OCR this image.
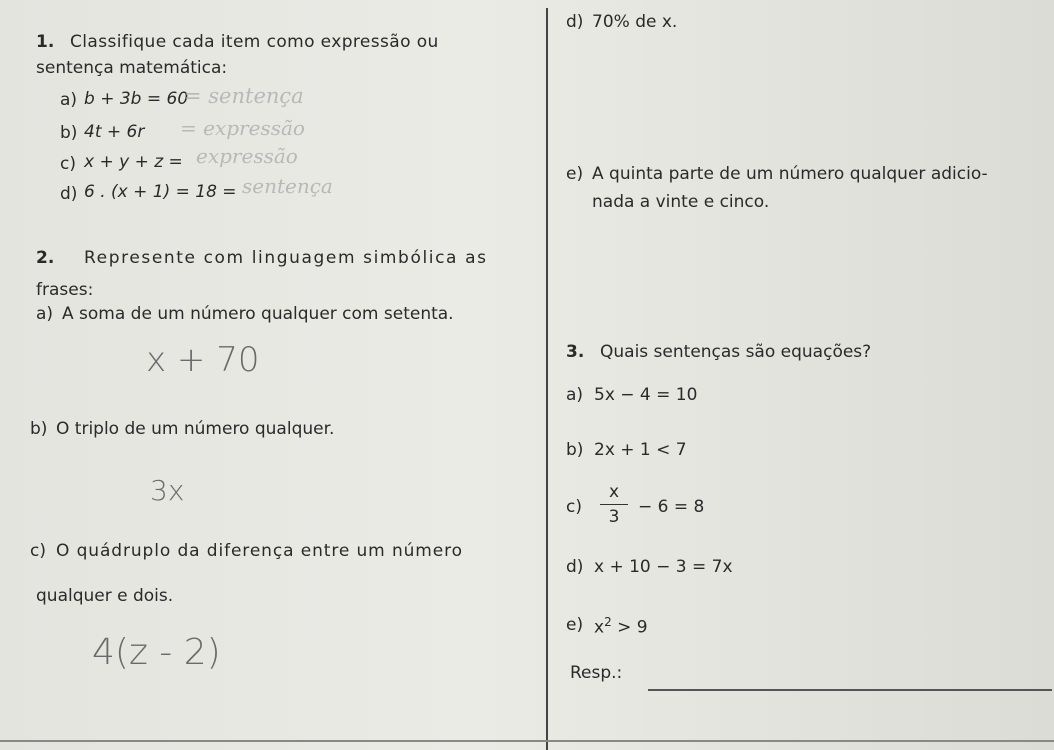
1. Classifique cada item como expressão ou
sentença matemática:
a) b + 3b = 60
= sentença
b) 4t + 6r = expressão
c) x + y + z = expressão
d) 6 . (x + 1) = 18 = sentença
2. Represente com linguagem simbólica as
frases:
a) A soma de um número qualquer com setenta.
x + 70
b) O triplo de um número qualquer.
3x
c) O quádruplo da diferença entre um número
qualquer e dois.
4(z - 2)
d) 70% de x.
e) A quinta parte de um número qualquer adicio-
nada a vinte e cinco.
3. Quais sentenças são equações?
a) 5x − 4 = 10
b) 2x + 1 < 7
c)
x
3	− 6 = 8
d) x + 10 − 3 = 7x
e) $x^2 > 9$
Resp.:
